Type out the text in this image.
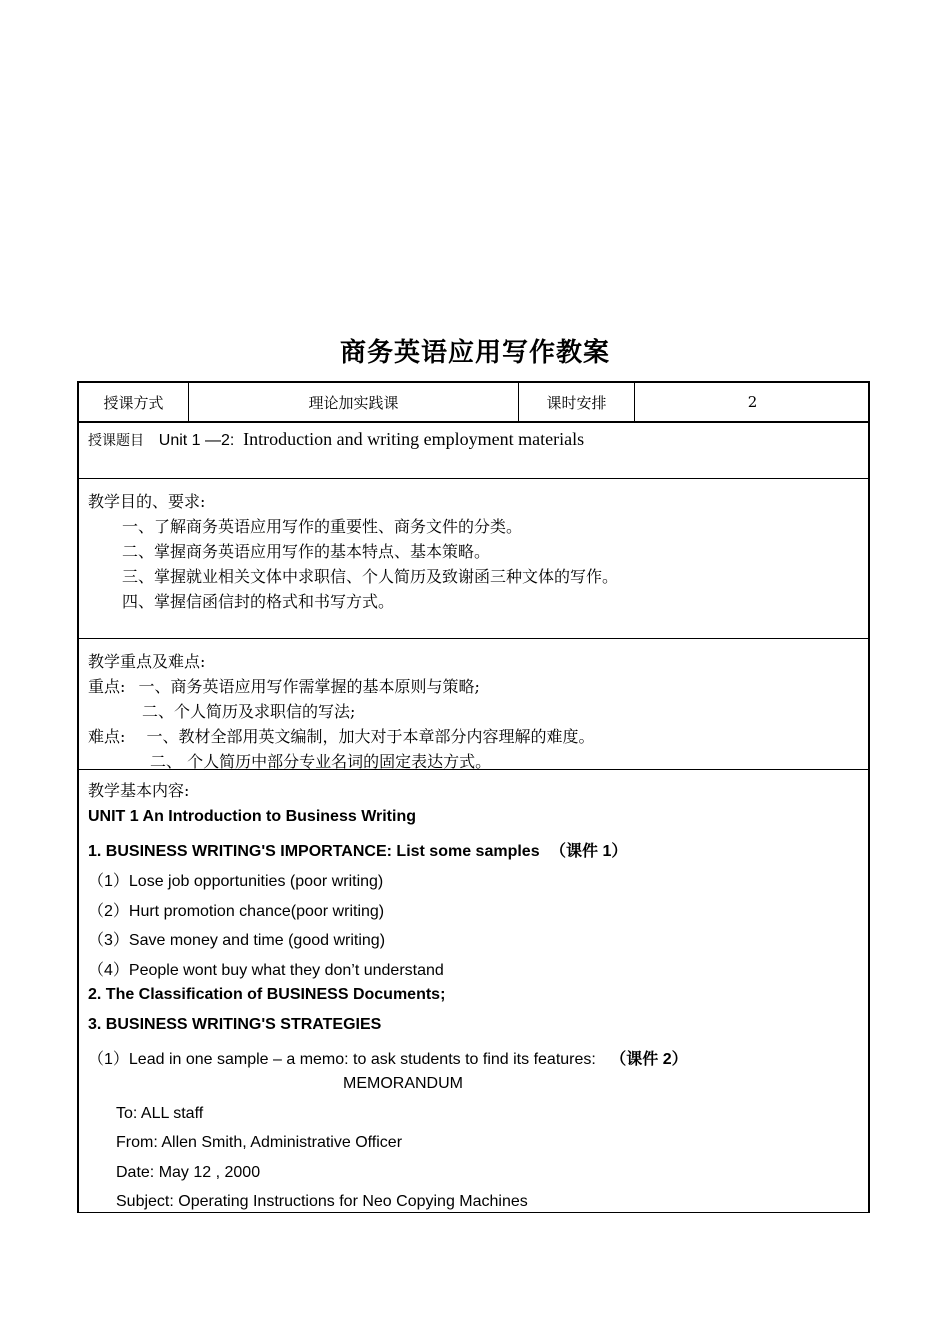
商务英语应用写作教案
授课方式	理论加实践课	课时安排	2
授课题目 Unit 1 —2: Introduction and writing employment materials
教学目的、要求:
一、了解商务英语应用写作的重要性、商务文件的分类。
二、掌握商务英语应用写作的基本特点、基本策略。
三、掌握就业相关文体中求职信、个人简历及致谢函三种文体的写作。
四、掌握信函信封的格式和书写方式。
教学重点及难点:
重点: 一、商务英语应用写作需掌握的基本原则与策略;
二、个人简历及求职信的写法;
难点: 一、教材全部用英文编制，加大对于本章部分内容理解的难度。
二、 个人简历中部分专业名词的固定表达方式。
教学基本内容:
UNIT 1 An Introduction to Business Writing
1. BUSINESS WRITING'S IMPORTANCE: List some samples （课件 1）
（1）Lose job opportunities (poor writing)
（2）Hurt promotion chance(poor writing)
（3）Save money and time (good writing)
（4）People wont buy what they don’t understand
2. The Classification of BUSINESS Documents;
3. BUSINESS WRITING'S STRATEGIES
（1）Lead in one sample – a memo: to ask students to find its features: （课件 2）
MEMORANDUM
To: ALL staff
From: Allen Smith, Administrative Officer
Date: May 12 , 2000
Subject: Operating Instructions for Neo Copying Machines
